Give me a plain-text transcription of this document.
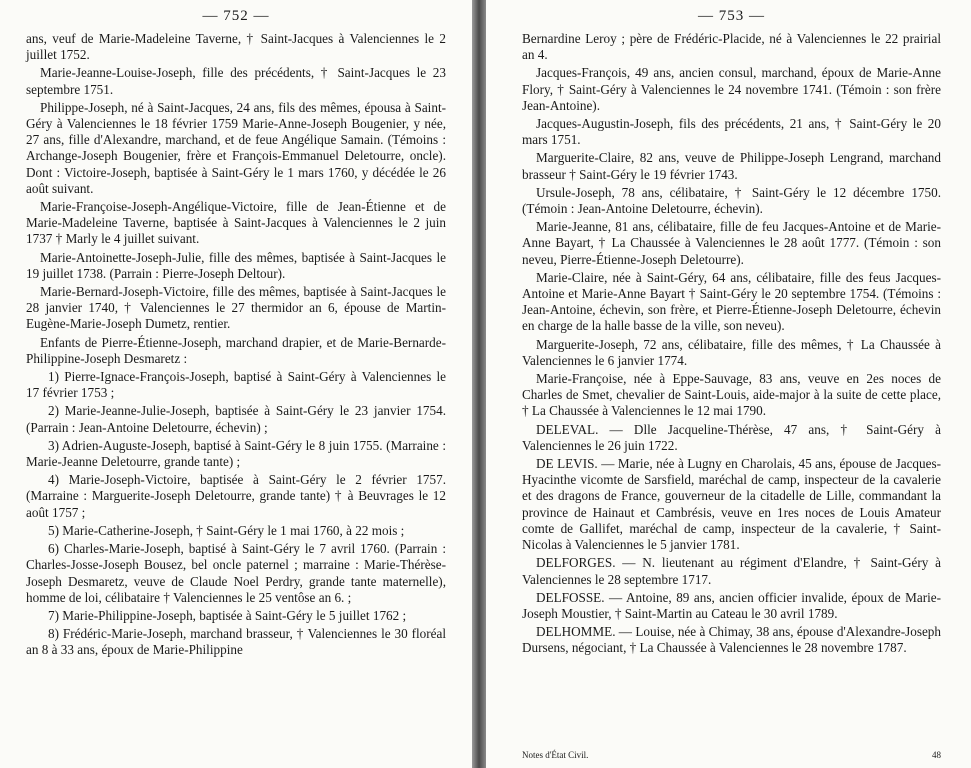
— 752 —

ans, veuf de Marie-Madeleine Taverne, † Saint-Jacques à Valenciennes le 2 juillet 1752.

Marie-Jeanne-Louise-Joseph, fille des précédents, † Saint-Jacques le 23 septembre 1751.

Philippe-Joseph, né à Saint-Jacques, 24 ans, fils des mêmes, épousa à Saint-Géry à Valenciennes le 18 février 1759 Marie-Anne-Joseph Bougenier, y née, 27 ans, fille d'Alexandre, marchand, et de feue Angélique Samain. (Témoins : Archange-Joseph Bougenier, frère et François-Emmanuel Deletourre, oncle). Dont : Victoire-Joseph, baptisée à Saint-Géry le 1 mars 1760, y décédée le 26 août suivant.

Marie-Françoise-Joseph-Angélique-Victoire, fille de Jean-Étienne et de Marie-Madeleine Taverne, baptisée à Saint-Jacques à Valenciennes le 2 juin 1737 † Marly le 4 juillet suivant.

Marie-Antoinette-Joseph-Julie, fille des mêmes, baptisée à Saint-Jacques le 19 juillet 1738. (Parrain : Pierre-Joseph Deltour).

Marie-Bernard-Joseph-Victoire, fille des mêmes, baptisée à Saint-Jacques le 28 janvier 1740, † Valenciennes le 27 thermidor an 6, épouse de Martin-Eugène-Marie-Joseph Dumetz, rentier.

Enfants de Pierre-Étienne-Joseph, marchand drapier, et de Marie-Bernarde-Philippine-Joseph Desmaretz :

1) Pierre-Ignace-François-Joseph, baptisé à Saint-Géry à Valenciennes le 17 février 1753 ;

2) Marie-Jeanne-Julie-Joseph, baptisée à Saint-Géry le 23 janvier 1754. (Parrain : Jean-Antoine Deletourre, échevin) ;

3) Adrien-Auguste-Joseph, baptisé à Saint-Géry le 8 juin 1755. (Marraine : Marie-Jeanne Deletourre, grande tante) ;

4) Marie-Joseph-Victoire, baptisée à Saint-Géry le 2 février 1757. (Marraine : Marguerite-Joseph Deletourre, grande tante) † à Beuvrages le 12 août 1757 ;

5) Marie-Catherine-Joseph, † Saint-Géry le 1 mai 1760, à 22 mois ;

6) Charles-Marie-Joseph, baptisé à Saint-Géry le 7 avril 1760. (Parrain : Charles-Josse-Joseph Bousez, bel oncle paternel ; marraine : Marie-Thérèse-Joseph Desmaretz, veuve de Claude Noel Perdry, grande tante maternelle), homme de loi, célibataire † Valenciennes le 25 ventôse an 6. ;

7) Marie-Philippine-Joseph, baptisée à Saint-Géry le 5 juillet 1762 ;

8) Frédéric-Marie-Joseph, marchand brasseur, † Valenciennes le 30 floréal an 8 à 33 ans, époux de Marie-Philippine

— 753 —

Bernardine Leroy ; père de Frédéric-Placide, né à Valenciennes le 22 prairial an 4.

Jacques-François, 49 ans, ancien consul, marchand, époux de Marie-Anne Flory, † Saint-Géry à Valenciennes le 24 novembre 1741. (Témoin : son frère Jean-Antoine).

Jacques-Augustin-Joseph, fils des précédents, 21 ans, † Saint-Géry le 20 mars 1751.

Marguerite-Claire, 82 ans, veuve de Philippe-Joseph Lengrand, marchand brasseur † Saint-Géry le 19 février 1743.

Ursule-Joseph, 78 ans, célibataire, † Saint-Géry le 12 décembre 1750. (Témoin : Jean-Antoine Deletourre, échevin).

Marie-Jeanne, 81 ans, célibataire, fille de feu Jacques-Antoine et de Marie-Anne Bayart, † La Chaussée à Valenciennes le 28 août 1777. (Témoin : son neveu, Pierre-Étienne-Joseph Deletourre).

Marie-Claire, née à Saint-Géry, 64 ans, célibataire, fille des feus Jacques-Antoine et Marie-Anne Bayart † Saint-Géry le 20 septembre 1754. (Témoins : Jean-Antoine, échevin, son frère, et Pierre-Étienne-Joseph Deletourre, échevin en charge de la halle basse de la ville, son neveu).

Marguerite-Joseph, 72 ans, célibataire, fille des mêmes, † La Chaussée à Valenciennes le 6 janvier 1774.

Marie-Françoise, née à Eppe-Sauvage, 83 ans, veuve en 2es noces de Charles de Smet, chevalier de Saint-Louis, aide-major à la suite de cette place, † La Chaussée à Valenciennes le 12 mai 1790.

DELEVAL. — Dlle Jacqueline-Thérèse, 47 ans, † Saint-Géry à Valenciennes le 26 juin 1722.

DE LEVIS. — Marie, née à Lugny en Charolais, 45 ans, épouse de Jacques-Hyacinthe vicomte de Sarsfield, maréchal de camp, inspecteur de la cavalerie et des dragons de France, gouverneur de la citadelle de Lille, commandant la province de Hainaut et Cambrésis, veuve en 1res noces de Louis Amateur comte de Gallifet, maréchal de camp, inspecteur de la cavalerie, † Saint-Nicolas à Valenciennes le 5 janvier 1781.

DELFORGES. — N. lieutenant au régiment d'Elandre, † Saint-Géry à Valenciennes le 28 septembre 1717.

DELFOSSE. — Antoine, 89 ans, ancien officier invalide, époux de Marie-Joseph Moustier, † Saint-Martin au Cateau le 30 avril 1789.

DELHOMME. — Louise, née à Chimay, 38 ans, épouse d'Alexandre-Joseph Dursens, négociant, † La Chaussée à Valenciennes le 28 novembre 1787.

Notes d'État Civil.	48
